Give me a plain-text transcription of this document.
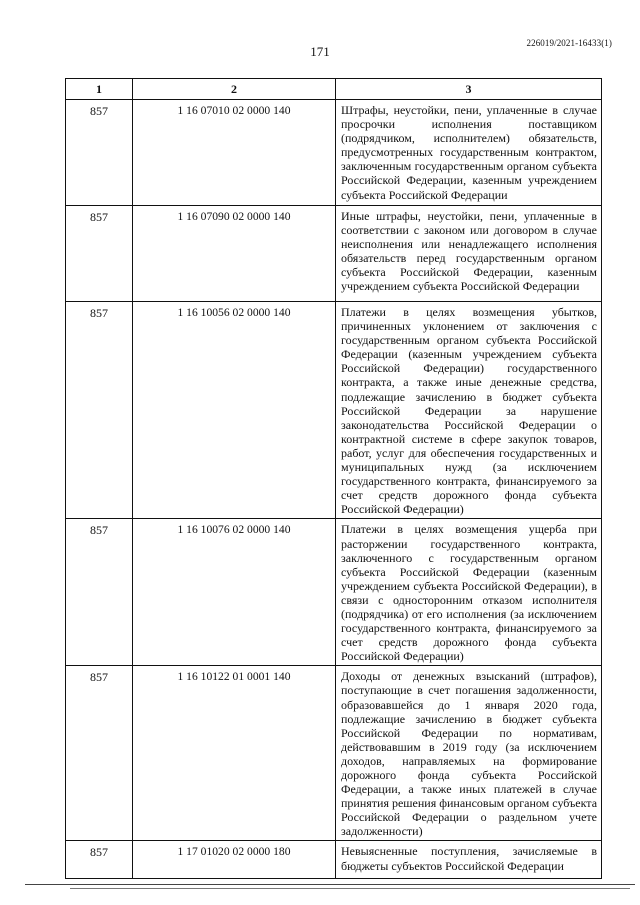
226019/2021-16433(1)
171
1	2	3
857	1 16 07010 02 0000 140	Штрафы, неустойки, пени, уплаченные в случае просрочки исполнения поставщиком (подрядчиком, исполнителем) обязательств, предусмотренных государственным контрактом, заключенным государственным органом субъекта Российской Федерации, казенным учреждением субъекта Российской Федерации
857	1 16 07090 02 0000 140	Иные штрафы, неустойки, пени, уплаченные в соответствии с законом или договором в случае неисполнения или ненадлежащего исполнения обязательств перед государственным органом субъекта Российской Федерации, казенным учреждением субъекта Российской Федерации
857	1 16 10056 02 0000 140	Платежи в целях возмещения убытков, причиненных уклонением от заключения с государственным органом субъекта Российской Федерации (казенным учреждением субъекта Российской Федерации) государственного контракта, а также иные денежные средства, подлежащие зачислению в бюджет субъекта Российской Федерации за нарушение законодательства Российской Федерации о контрактной системе в сфере закупок товаров, работ, услуг для обеспечения государственных и муниципальных нужд (за исключением государственного контракта, финансируемого за счет средств дорожного фонда субъекта Российской Федерации)
857	1 16 10076 02 0000 140	Платежи в целях возмещения ущерба при расторжении государственного контракта, заключенного с государственным органом субъекта Российской Федерации (казенным учреждением субъекта Российской Федерации), в связи с односторонним отказом исполнителя (подрядчика) от его исполнения (за исключением государственного контракта, финансируемого за счет средств дорожного фонда субъекта Российской Федерации)
857	1 16 10122 01 0001 140	Доходы от денежных взысканий (штрафов), поступающие в счет погашения задолженности, образовавшейся до 1 января 2020 года, подлежащие зачислению в бюджет субъекта Российской Федерации по нормативам, действовавшим в 2019 году (за исключением доходов, направляемых на формирование дорожного фонда субъекта Российской Федерации, а также иных платежей в случае принятия решения финансовым органом субъекта Российской Федерации о раздельном учете задолженности)
857	1 17 01020 02 0000 180	Невыясненные поступления, зачисляемые в бюджеты субъектов Российской Федерации
